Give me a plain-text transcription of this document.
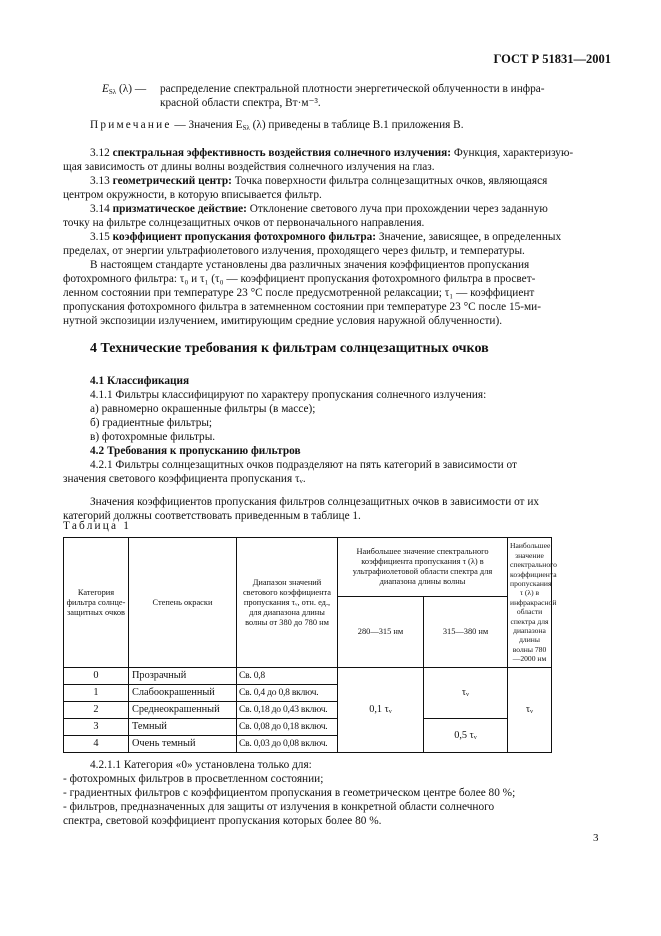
ГОСТ Р 51831—2001
$E_{S\lambda}$ (λ) —	распределение спектральной плотности энергетической облученности в инфра-
красной области спектра, Вт·м⁻³.
Примечание — Значения $E_{S\lambda}$ (λ) приведены в таблице В.1 приложения В.
3.12 спектральная эффективность воздействия солнечного излучения: Функция, характеризую-
щая зависимость от длины волны воздействия солнечного излучения на глаз.
3.13 геометрический центр: Точка поверхности фильтра солнцезащитных очков, являющаяся
центром окружности, в которую вписывается фильтр.
3.14 призматическое действие: Отклонение светового луча при прохождении через заданную
точку на фильтре солнцезащитных очков от первоначального направления.
3.15 коэффициент пропускания фотохромного фильтра: Значение, зависящее, в определенных
пределах, от энергии ультрафиолетового излучения, проходящего через фильтр, и температуры.
В настоящем стандарте установлены два различных значения коэффициентов пропускания
фотохромного фильтра: τ₀ и τ₁ (τ₀ — коэффициент пропускания фотохромного фильтра в просвет-
ленном состоянии при температуре 23 °С после предусмотренной релаксации; τ₁ — коэффициент
пропускания фотохромного фильтра в затемненном состоянии при температуре 23 °С после 15-ми-
нутной экспозиции излучением, имитирующим средние условия наружной облученности).
4 Технические требования к фильтрам солнцезащитных очков
4.1 Классификация
4.1.1 Фильтры классифицируют по характеру пропускания солнечного излучения:
а) равномерно окрашенные фильтры (в массе);
б) градиентные фильтры;
в) фотохромные фильтры.
4.2 Требования к пропусканию фильтров
4.2.1 Фильтры солнцезащитных очков подразделяют на пять категорий в зависимости от
значения светового коэффициента пропускания τᵥ.
Значения коэффициентов пропускания фильтров солнцезащитных очков в зависимости от их
категорий должны соответствовать приведенным в таблице 1.
Таблица 1
Категория фильтра солнце-защитных очков	Степень окраски	Диапазон значений светового коэффициента пропускания τᵥ, отн. ед., для диапазона длины волны от 380 до 780 нм	Наибольшее значение спектрального коэффициента пропускания τ (λ) в ультрафиолетовой области спектра для диапазона длины волны		Наибольшее значение спектрального коэффициента пропускания τ (λ) в инфракрасной области спектра для диапазона длины волны 780—2000 нм
			280—315 нм	315—380 нм	
0	Прозрачный	Св. 0,8	0,1 τᵥ	τᵥ	τᵥ
1	Слабоокрашенный	Св. 0,4 до 0,8 включ.			
2	Среднеокрашенный	Св. 0,18 до 0,43 включ.			
3	Темный	Св. 0,08 до 0,18 включ.		0,5 τᵥ	
4	Очень темный	Св. 0,03 до 0,08 включ.			
4.2.1.1 Категория «0» установлена только для:
- фотохромных фильтров в просветленном состоянии;
- градиентных фильтров с коэффициентом пропускания в геометрическом центре более 80 %;
- фильтров, предназначенных для защиты от излучения в конкретной области солнечного
спектра, световой коэффициент пропускания которых более 80 %.
3
